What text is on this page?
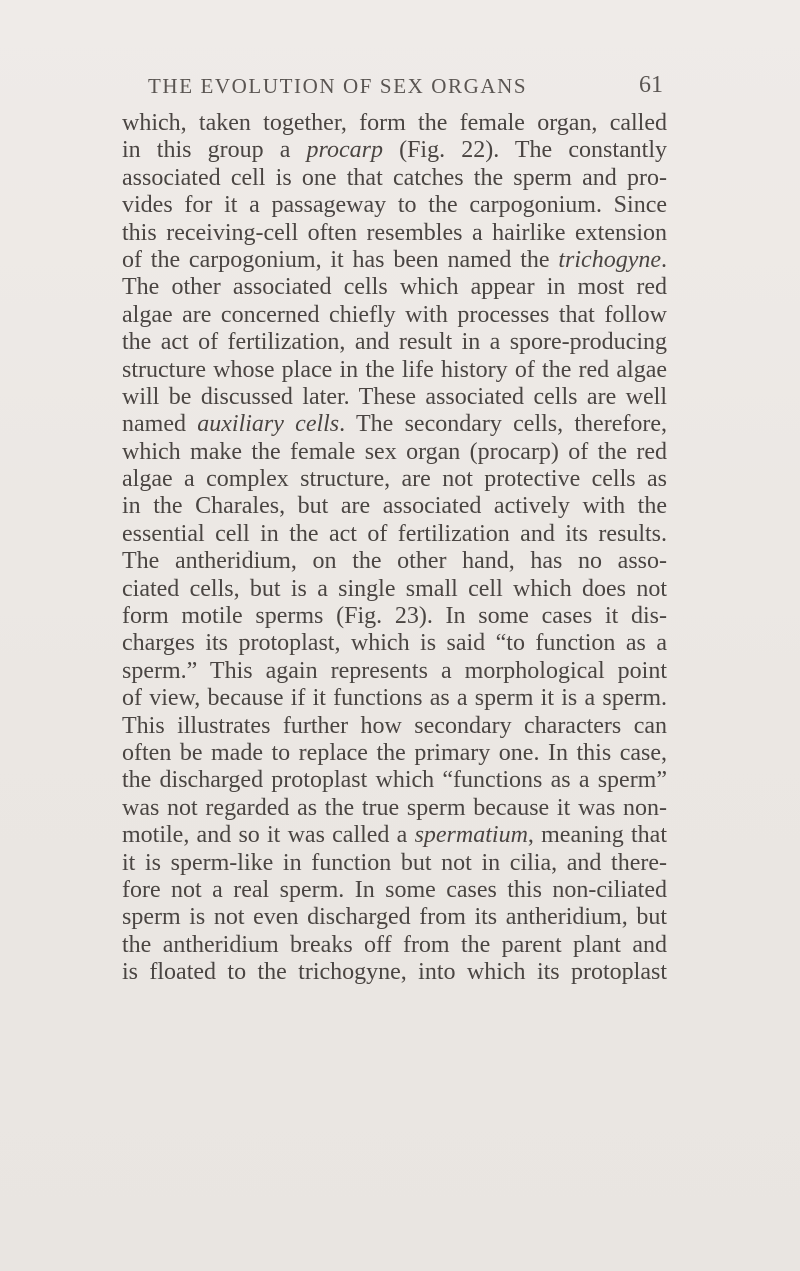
THE EVOLUTION OF SEX ORGANS	61
which, taken together, form the female organ, called
in this group a procarp (Fig. 22). The constantly
associated cell is one that catches the sperm and pro-
vides for it a passageway to the carpogonium. Since
this receiving-cell often resembles a hairlike extension
of the carpogonium, it has been named the trichogyne.
The other associated cells which appear in most red
algae are concerned chiefly with processes that follow
the act of fertilization, and result in a spore-producing
structure whose place in the life history of the red algae
will be discussed later. These associated cells are well
named auxiliary cells. The secondary cells, therefore,
which make the female sex organ (procarp) of the red
algae a complex structure, are not protective cells as
in the Charales, but are associated actively with the
essential cell in the act of fertilization and its results.
The antheridium, on the other hand, has no asso-
ciated cells, but is a single small cell which does not
form motile sperms (Fig. 23). In some cases it dis-
charges its protoplast, which is said “to function as a
sperm.” This again represents a morphological point
of view, because if it functions as a sperm it is a sperm.
This illustrates further how secondary characters can
often be made to replace the primary one. In this case,
the discharged protoplast which “functions as a sperm”
was not regarded as the true sperm because it was non-
motile, and so it was called a spermatium, meaning that
it is sperm-like in function but not in cilia, and there-
fore not a real sperm. In some cases this non-ciliated
sperm is not even discharged from its antheridium, but
the antheridium breaks off from the parent plant and
is floated to the trichogyne, into which its protoplast
